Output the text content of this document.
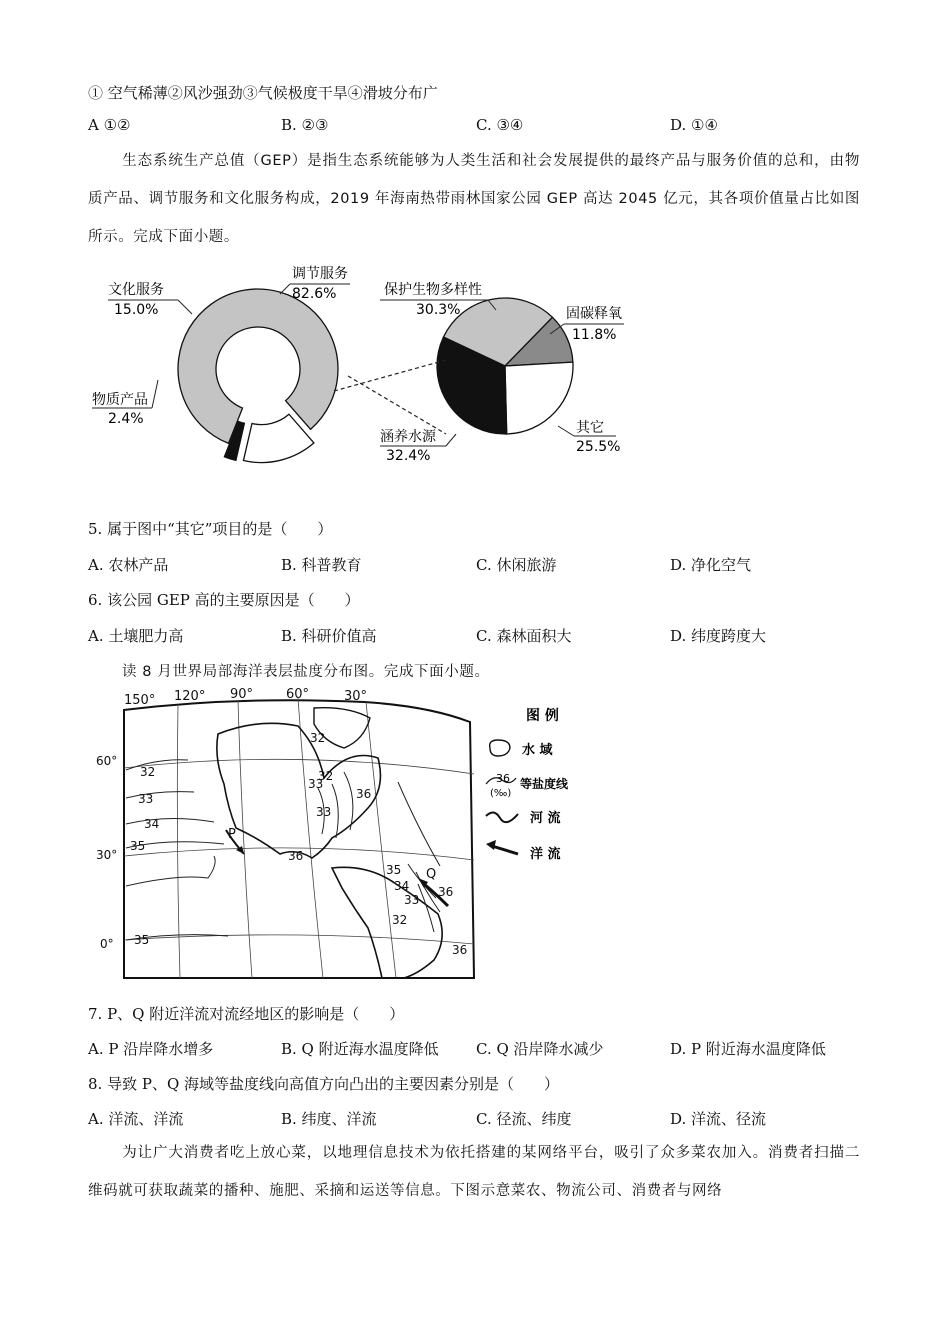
① 空气稀薄②风沙强劲③气候极度干旱④滑坡分布广
A ①②	B. ②③	C. ③④	D. ①④
生态系统生产总值（GEP）是指生态系统能够为人类生活和社会发展提供的最终产品与服务价值的总和，由物质产品、调节服务和文化服务构成，2019 年海南热带雨林国家公园 GEP 高达 2045 亿元，其各项价值量占比如图所示。完成下面小题。
文化服务
15.0%
调节服务
82.6%
物质产品
2.4%
保护生物多样性
30.3%	固碳释氧
11.8%
其它
25.5%
涵养水源
32.4%
5. 属于图中“其它”项目的是（　　）
A. 农林产品	B. 科普教育	C. 休闲旅游	D. 净化空气
6. 该公园 GEP 高的主要原因是（　　）
A. 土壤肥力高	B. 科研价值高	C. 森林面积大	D. 纬度跨度大
读 8 月世界局部海洋表层盐度分布图。完成下面小题。
150° 120° 90°	60°	30°
32
33
34
35
35
33
32
32
36
33
36
35
34
33
32
36
36
P
Q
图 例
水 域
36
(‰)
等盐度线
河 流
洋 流
60°
30°
0°
7. P、Q 附近洋流对流经地区的影响是（　　）
A. P 沿岸降水增多	B. Q 附近海水温度降低 C. Q 沿岸降水减少	D. P 附近海水温度降低
8. 导致 P、Q 海域等盐度线向高值方向凸出的主要因素分别是（　　）
A. 洋流、洋流	B. 纬度、洋流	C. 径流、纬度	D. 洋流、径流
为让广大消费者吃上放心菜，以地理信息技术为依托搭建的某网络平台，吸引了众多菜农加入。消费者扫描二维码就可获取蔬菜的播种、施肥、采摘和运送等信息。下图示意菜农、物流公司、消费者与网络
